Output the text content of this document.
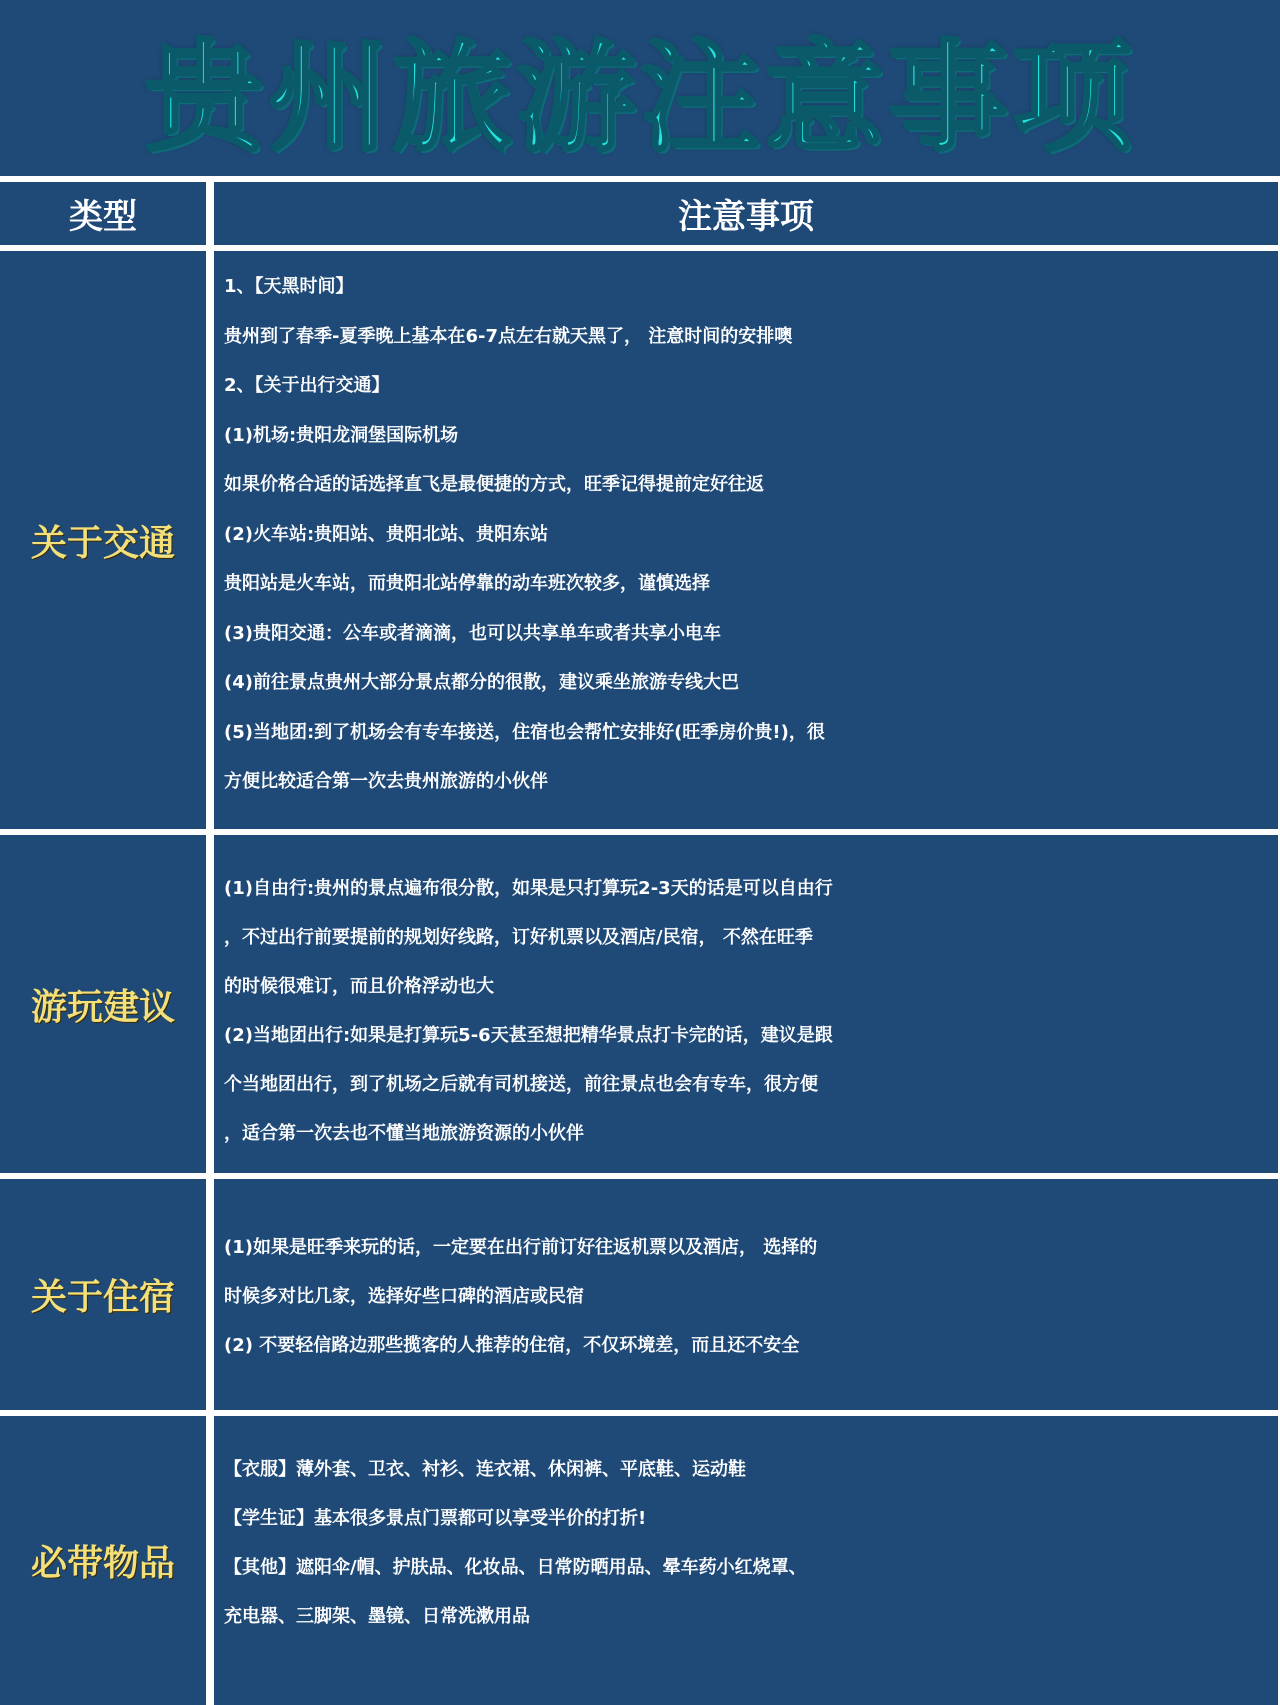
贵州旅游注意事项
类型	注意事项
关于交通
1、【天黑时间】
贵州到了春季-夏季晚上基本在6-7点左右就天黑了， 注意时间的安排噢
2、【关于出行交通】
(1)机场:贵阳龙洞堡国际机场
如果价格合适的话选择直飞是最便捷的方式，旺季记得提前定好往返
(2)火车站:贵阳站、贵阳北站、贵阳东站
贵阳站是火车站，而贵阳北站停靠的动车班次较多，谨慎选择
(3)贵阳交通：公车或者滴滴，也可以共享单车或者共享小电车
(4)前往景点贵州大部分景点都分的很散，建议乘坐旅游专线大巴
(5)当地团:到了机场会有专车接送，住宿也会帮忙安排好(旺季房价贵!)，很
方便比较适合第一次去贵州旅游的小伙伴
游玩建议
(1)自由行:贵州的景点遍布很分散，如果是只打算玩2-3天的话是可以自由行
，不过出行前要提前的规划好线路，订好机票以及酒店/民宿， 不然在旺季
的时候很难订，而且价格浮动也大
(2)当地团出行:如果是打算玩5-6天甚至想把精华景点打卡完的话，建议是跟
个当地团出行，到了机场之后就有司机接送，前往景点也会有专车，很方便
，适合第一次去也不懂当地旅游资源的小伙伴
关于住宿
(1)如果是旺季来玩的话，一定要在出行前订好往返机票以及酒店， 选择的
时候多对比几家，选择好些口碑的酒店或民宿
(2) 不要轻信路边那些揽客的人推荐的住宿，不仅环境差，而且还不安全
必带物品
【衣服】薄外套、卫衣、衬衫、连衣裙、休闲裤、平底鞋、运动鞋
【学生证】基本很多景点门票都可以享受半价的打折!
【其他】遮阳伞/帽、护肤品、化妆品、日常防晒用品、晕车药小红烧罩、
充电器、三脚架、墨镜、日常洗漱用品
